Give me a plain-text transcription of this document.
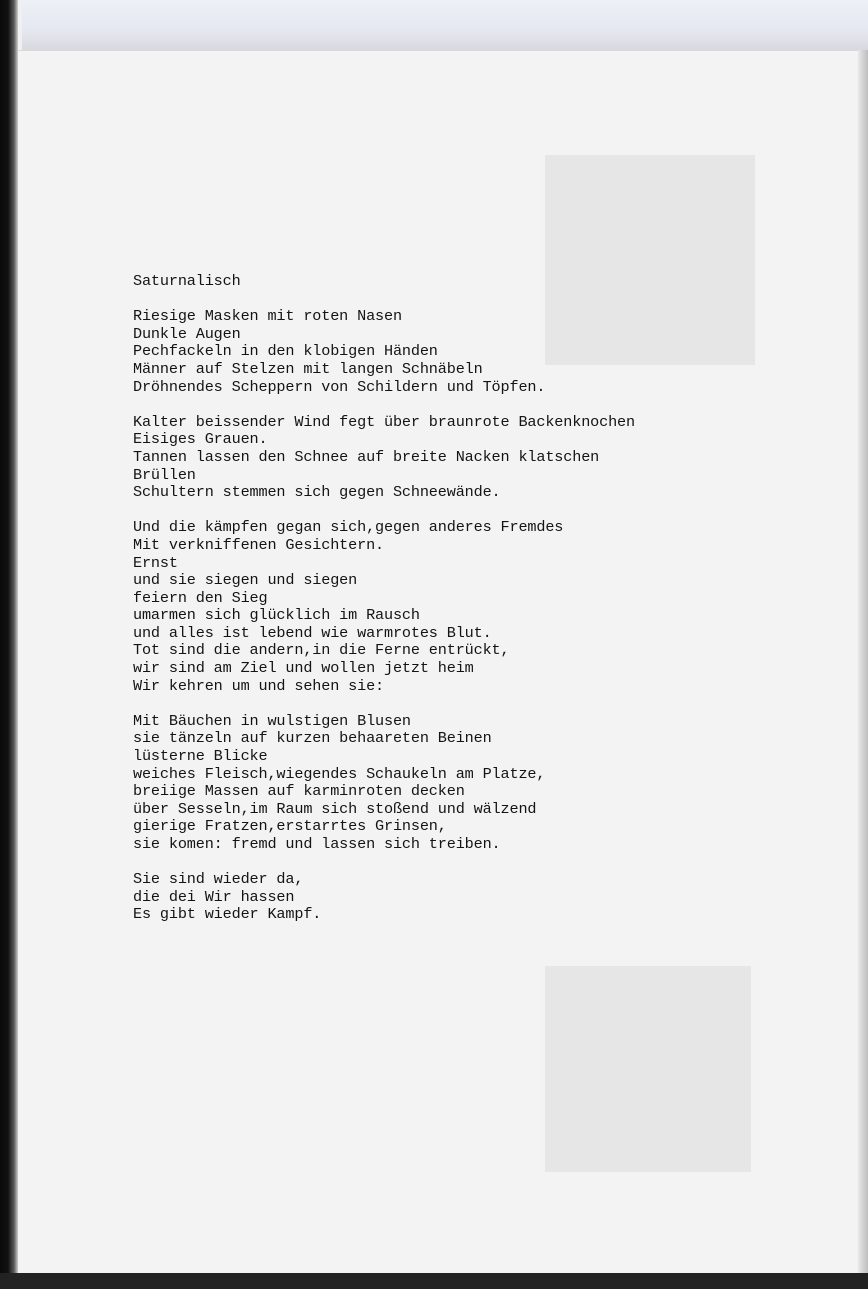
Saturnalisch
Riesige Masken mit roten Nasen
Dunkle Augen
Pechfackeln in den klobigen Händen
Männer auf Stelzen mit langen Schnäbeln
Dröhnendes Scheppern von Schildern und Töpfen.
Kalter beissender Wind fegt über braunrote Backenknochen
Eisiges Grauen.
Tannen lassen den Schnee auf breite Nacken klatschen
Brüllen
Schultern stemmen sich gegen Schneewände.
Und die kämpfen gegan sich,gegen anderes Fremdes
Mit verkniffenen Gesichtern.
Ernst
und sie siegen und siegen
feiern den Sieg
umarmen sich glücklich im Rausch
und alles ist lebend wie warmrotes Blut.
Tot sind die andern,in die Ferne entrückt,
wir sind am Ziel und wollen jetzt heim
Wir kehren um und sehen sie:
Mit Bäuchen in wulstigen Blusen
sie tänzeln auf kurzen behaareten Beinen
lüsterne Blicke
weiches Fleisch,wiegendes Schaukeln am Platze,
breiige Massen auf karminroten decken
über Sesseln,im Raum sich stoßend und wälzend
gierige Fratzen,erstarrtes Grinsen,
sie komen: fremd und lassen sich treiben.
Sie sind wieder da,
die dei Wir hassen
Es gibt wieder Kampf.
